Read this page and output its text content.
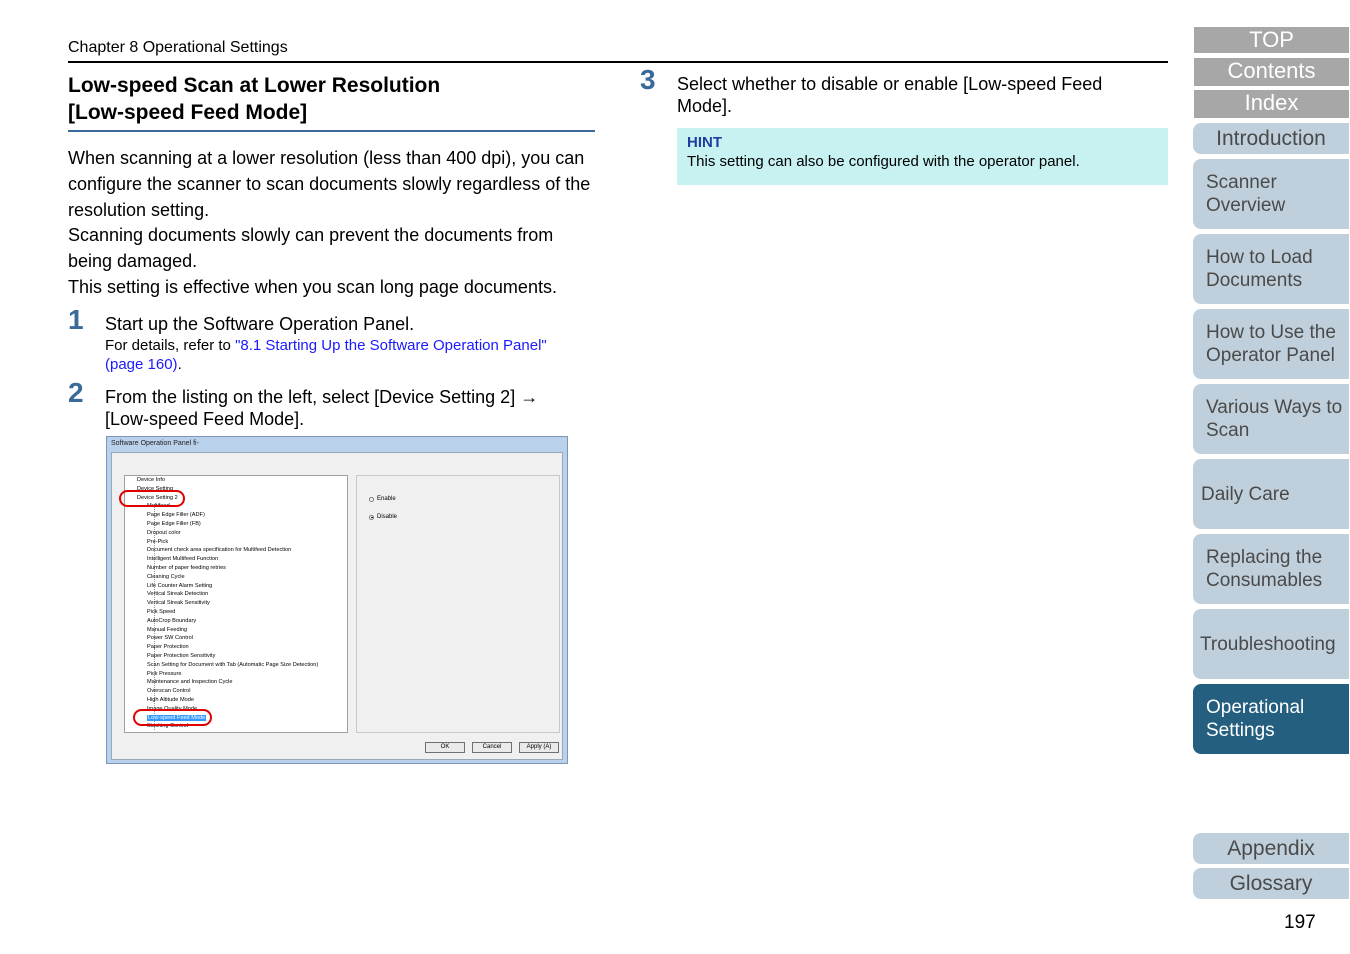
Chapter 8 Operational Settings
Low-speed Scan at Lower Resolution
[Low-speed Feed Mode]

When scanning at a lower resolution (less than 400 dpi), you can configure the scanner to scan documents slowly regardless of the resolution setting.

Scanning documents slowly can prevent the documents from being damaged.

This setting is effective when you scan long page documents.

1 Start up the Software Operation Panel.
For details, refer to "8.1 Starting Up the Software Operation Panel" (page 160).
2 From the listing on the left, select [Device Setting 2] →
[Low-speed Feed Mode].
Software Operation Panel fi-
Device Info
Device Setting
Device Setting 2
Multifeed
Page Edge Filler (ADF)
Page Edge Filler (FB)
Dropout color
Pre-Pick
Document check area specification for Multifeed Detection
Intelligent Multifeed Function
Number of paper feeding retries
Cleaning Cycle
Life Counter Alarm Setting
Vertical Streak Detection
Vertical Streak Sensitivity
Pick Speed
AutoCrop Boundary
Manual Feeding
Power SW Control
Paper Protection
Paper Protection Sensitivity
Scan Setting for Document with Tab (Automatic Page Size Detection)
Pick Pressure
Maintenance and Inspection Cycle
Overscan Control
High Altitude Mode
Image Quality Mode
Low-speed Feed Mode
Stacking Control
Enable
Disable
OK	Cancel	Apply (A)
3 Select whether to disable or enable [Low-speed Feed
Mode].
HINT
This setting can also be configured with the operator panel.
TOP
Contents
Index
Introduction
Scanner
Overview
How to Load
Documents
How to Use the
Operator Panel
Various Ways to
Scan
Daily Care
Replacing the
Consumables
Troubleshooting
Operational
Settings
Appendix
Glossary
197
